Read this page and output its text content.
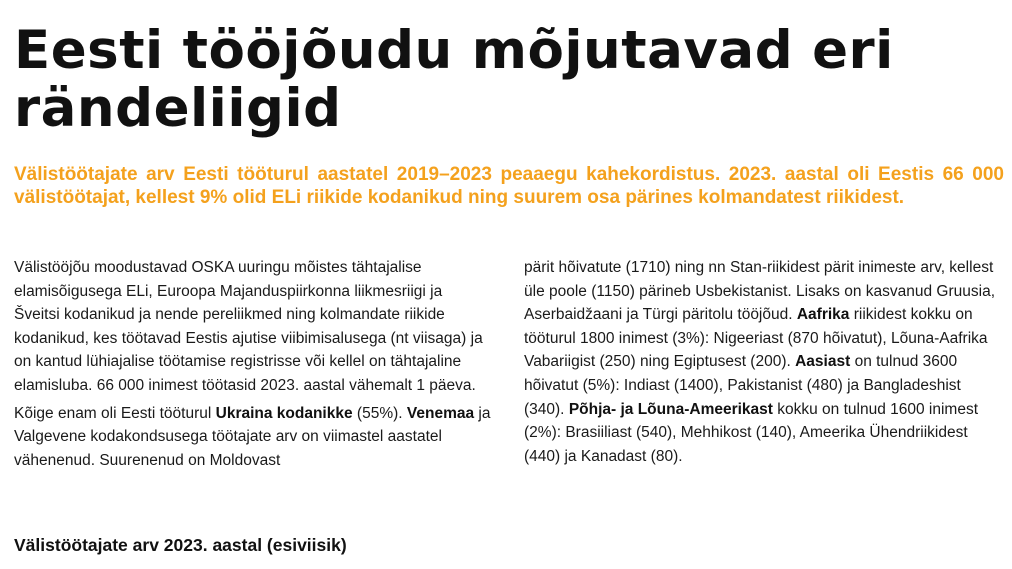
Eesti tööjõudu mõjutavad eri
rändeliigid

Välistöötajate arv Eesti tööturul aastatel 2019–2023 peaaegu kahekordistus. 2023. aastal oli Eestis 66 000 välistöötajat, kellest 9% olid ELi riikide kodanikud ning suurem osa pärines kolmandatest riikidest.

Välistööjõu moodustavad OSKA uuringu mõistes tähtajalise elamisõigusega ELi, Euroopa Majanduspiirkonna liikmesriigi ja Šveitsi kodanikud ja nende pereliikmed ning kolmandate riikide kodanikud, kes töötavad Eestis ajutise viibimisalusega (nt viisaga) ja on kantud lühiajalise töötamise registrisse või kellel on tähtajaline elamisluba. 66 000 inimest töötasid 2023. aastal vähemalt 1 päeva.

Kõige enam oli Eesti tööturul Ukraina kodanikke (55%). Venemaa ja Valgevene kodakondsusega töötajate arv on viimastel aastatel vähenenud. Suurenenud on Moldovast

pärit hõivatute (1710) ning nn Stan-riikidest pärit inimeste arv, kellest üle poole (1150) pärineb Usbekistanist. Lisaks on kasvanud Gruusia, Aserbaidžaani ja Türgi päritolu tööjõud. Aafrika riikidest kokku on tööturul 1800 inimest (3%): Nigeeriast (870 hõivatut), Lõuna-Aafrika Vabariigist (250) ning Egiptusest (200). Aasiast on tulnud 3600 hõivatut (5%): Indiast (1400), Pakistanist (480) ja Bangladeshist (340). Põhja- ja Lõuna-Ameerikast kokku on tulnud 1600 inimest (2%): Brasiiliast (540), Mehhikost (140), Ameerika Ühendriikidest (440) ja Kanadast (80).

Välistöötajate arv 2023. aastal (esiviisik)
